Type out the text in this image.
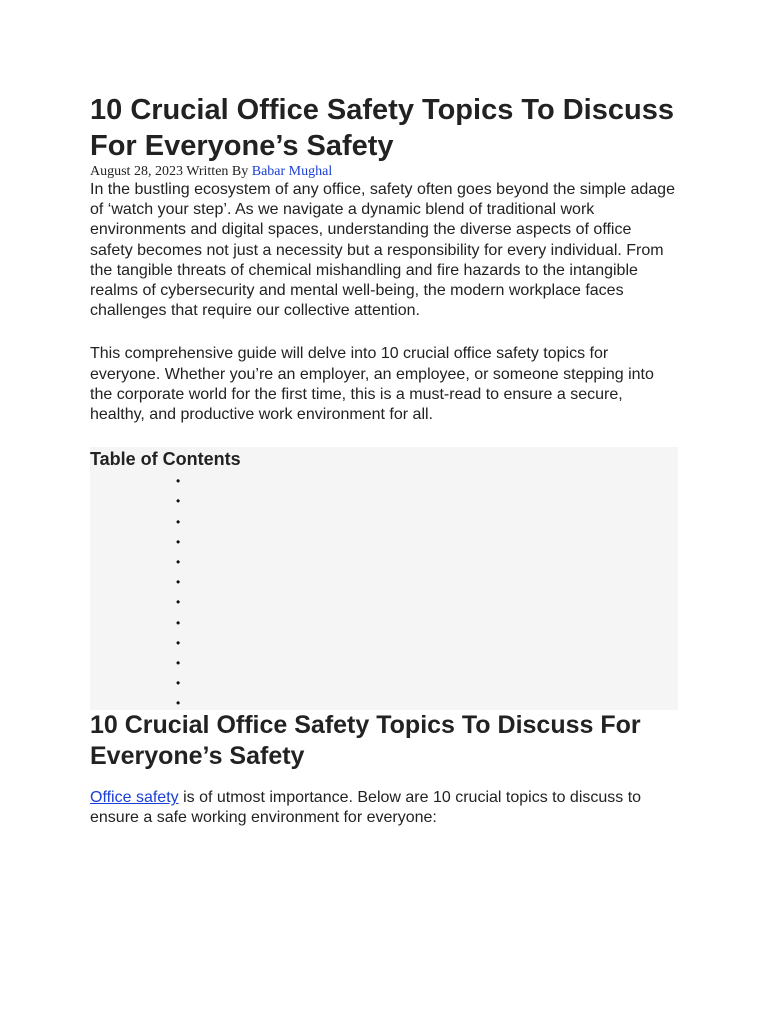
10 Crucial Office Safety Topics To Discuss For Everyone’s Safety
August 28, 2023 Written By Babar Mughal

In the bustling ecosystem of any office, safety often goes beyond the simple adage of ‘watch your step’. As we navigate a dynamic blend of traditional work environments and digital spaces, understanding the diverse aspects of office safety becomes not just a necessity but a responsibility for every individual. From the tangible threats of chemical mishandling and fire hazards to the intangible realms of cybersecurity and mental well-being, the modern workplace faces challenges that require our collective attention.

This comprehensive guide will delve into 10 crucial office safety topics for everyone. Whether you’re an employer, an employee, or someone stepping into the corporate world for the first time, this is a must-read to ensure a secure, healthy, and productive work environment for all.

Table of Contents
•
•
•
•
•
•
•
•
•
•
•
•
10 Crucial Office Safety Topics To Discuss For Everyone’s Safety

Office safety is of utmost importance. Below are 10 crucial topics to discuss to ensure a safe working environment for everyone:
